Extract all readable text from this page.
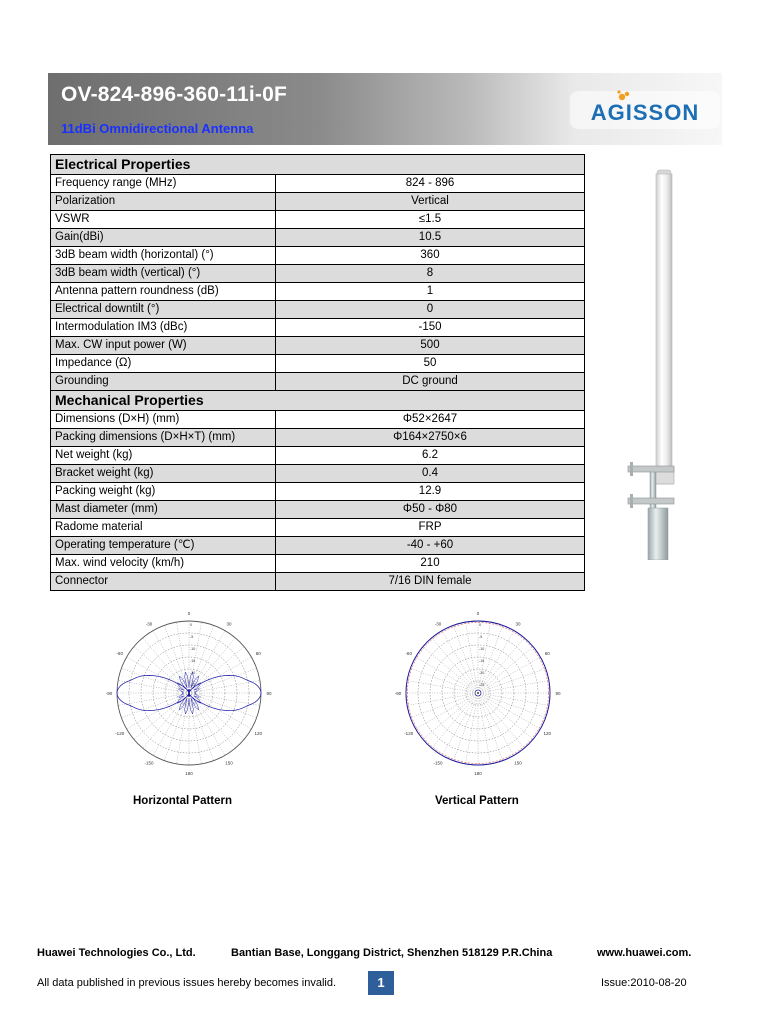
OV-824-896-360-11i-0F
11dBi Omnidirectional Antenna
AGISSON
Electrical Properties	
Frequency range (MHz)	824 - 896
Polarization	Vertical
VSWR	≤1.5
Gain(dBi)	10.5
3dB beam width (horizontal) (°)	360
3dB beam width (vertical) (°)	8
Antenna pattern roundness (dB)	1
Electrical downtilt (°)	0
Intermodulation IM3 (dBc)	-150
Max. CW input power (W)	500
Impedance (Ω)	50
Grounding	DC ground
Mechanical Properties	
Dimensions (D×H) (mm)	Φ52×2647
Packing dimensions (D×H×T) (mm)	Φ164×2750×6
Net weight (kg)	6.2
Bracket weight (kg)	0.4
Packing weight (kg)	12.9
Mast diameter (mm)	Φ50 - Φ80
Radome material	FRP
Operating temperature (℃)	-40 - +60
Max. wind velocity (km/h)	210
Connector	7/16 DIN female
0
30
60
90
120
150
180
-150
-120
-90
-60
-30	0
-5
-10
-15
-20
-25
0
30
60
90
120
150
180
-150
-120
-90
-60
-30	0
-5
-10
-15
-20
-25
Horizontal Pattern	Vertical Pattern
Huawei Technologies Co., Ltd.	Bantian Base, Longgang District, Shenzhen 518129 P.R.China	www.huawei.com.
All data published in previous issues hereby becomes invalid.	1	Issue:2010-08-20
